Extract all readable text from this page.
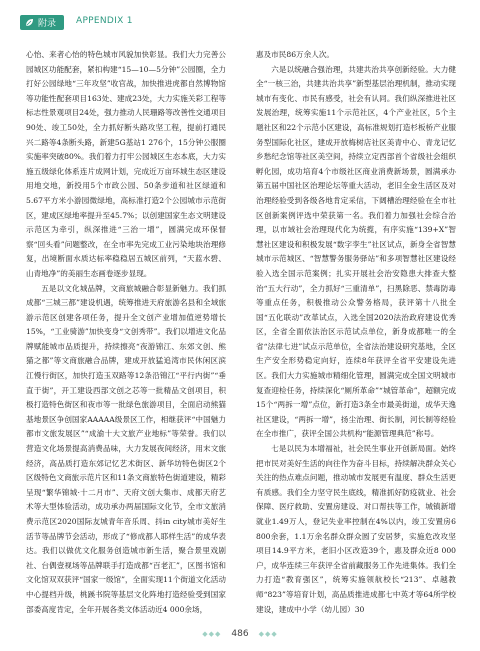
附录 APPENDIX 1

心怡、来者心怡的特色城市风貌加快彰显。我们大力完善公园城区功能配套，紧扣构建“15—10—5分钟”公园圈，全力打好公园绿地“三年攻坚”收官战，加快推进虎都自然博物馆等功能性配套项目163处、建成23处，大力实施关彩工程等标志性景观项目24处，强力推动人民珊路等改善性交通项目90处、竣工50处，全力抓好断头路攻坚工程，提前打通民兴二路等4条断头路，新建5G基站1 276个，15分钟公服圈实施率突破80%。我们着力打牢公园城区生态本底，大力实施五级绿化体系连片成网计划，完成近万亩环城生态区建设用地交地，新投用5个市政公园、50条步道和社区绿道和5.67平方米小游园微绿地，高标准打造2个公园城市示范街区，建成区绿地率提升至45.7%；以创建国家生态文明建设示范区为牵引，纵深推进“三治一增”，圆满完成环保督察“回头看”问题整改，在全市率先完成工业污染地块治理修复，出境断面水质达标率稳稳居五城区前列，“天蓝水碧、山青地净”的美丽生态画卷逐步显现。

五是以文化城品牌，文商旅城融合彰显新魅力。我们抓成都“三城三都”建设机遇，统筹推进天府旅游名县和全域旅游示范区创建各项任务，提升全文创产业增加值逆势增长15%，“工业骑游”加快变身“文创秀带”。我们以增进文化品牌赋能城市品质提升，持续擦亮“夜游锦江、东郊文创、熊猫之都”等文商旅融合品牌，建成开放猛追湾市民休闲区滨江慢行街区，加快打造玉双路等12条沿锦江“平行内街”“垂直于街”，开工建设西部文创之芯等一批精品文创项目，积极打造特色街区和夜市等一批绿色旅游项目，全面启动熊猫基地景区争创国家AAAAA级景区工作，相继获评“中国魅力都市文旅发展区”“成渝十大文旅产业地标”等荣誉。我们以营造文化场景提高消费品味，大力发展夜间经济，用末文旅经济，高品质打造东郊记忆艺术街区、新华坊特色街区2个区级特色文商旅示范片区和11条文商旅特色街道建设，精彩呈现“繁华锦城·十二月市”、天府文创大集市、成都天府艺术等大型体验活动，成功承办两届国际文化节，全市文旅消费示范区2020国际友城青年音乐周、抖in city城市美好生活节等品牌节会活动，形成了“修成都人耶样生活”的成华表达。我们以做优文化服务创造城市新生活，聚合景里戏剧社、台偶壹视场等品牌联手打造成都“百老汇”，区图书馆和文化馆双双获评“国家一级馆”，全面实现11个街道文化活动中心提档升级，桃蹊书院等基层文化阵地打造经验受到国家部委高度肯定，全年开展各类文体活动近4 000余场，

惠及市民86万余人次。

六是以统融合强治理，共建共治共享创新经验。大力健全“一核三治，共建共治共享”新型基层治理机制，推动实现城市有变化、市民有感受，社会有认同。我们纵深推进社区发展治理，统筹实施11个示范社区，4个产业社区，5个主题社区和22个示范小区建设，高标准规划打造杉板桥产业服务型国际化社区，建成开放梅树店社区美青中心、青龙记忆乡愁纪念馆等社区美空间，持续立定西部首个省级社会组织孵化园，成功培育4个市级社区商业消费新场景，圆满承办第五届中国社区治理论坛等重大活动，老旧全金生活区及对治理经验受到各级各地肯定采信，下阔槽治理经验在全市社区创新案例评选中荣获第一名。我们着力加强社会综合治理，以市域社会治理现代化为统揽，有序实施“139+X”智慧社区建设和积极发展“数字孪生”社区试点，新身全省智慧城市示范城区、“智慧警务服务驿站”和多项智慧社区建设经验入选全国示范案例；扎实开展社会治安隐患大排查大整治“五大行动”，全力抓好“三重清单”，扫黑除恶、禁毒防毒等重点任务，积极推动公众警务格局，获评第十八批全国“五化联动”改革试点，入选全国2020法治政府建设优秀区，全省全面依法治区示范试点单位，新身成都唯一的全省“法律七进”试点示范单位，全省法治建设研究基地，全区生产安全形势稳定向好，连续8年获评全省平安建设先进区。我们大力实施城市精细化管理，圆满完成全国文明城市复查迎检任务，持续深化“厕所革命”“城管革命”，超额完成15个“两拆一增”点位，新打造3条全市最美街道，成华天逸社区建设，“两拆一增”，扬尘治理、街长制，河长制等经验在全市推广，获评全国公共机构“能源管理典范”称号。

七是以民为本增福祉，社会民生事业开创新局面。始终把市民对美好生活的向往作为奋斗目标，持续解决群众关心关注的热点难点问题，推动城市发展更有温度、群众生活更有质感。我们全力坚守民生底线，精准抓好防疫就业、社会保障、医疗救助、安置房建设、对口帮扶等工作，城镇新增就业1.49万人，登记失业率控制在4%以内，竣工安置房6 800余套，1.1万余名群众群众圆了安居梦，实施危改攻坚项目14.9平方米，老旧小区改造39个，惠及群众近8 000户，成华连续三年获评全省前藏服务工作先进集体。我们全力打造“教育强区”，统筹实施领航校长“213”、卓越教师“823”等培育计划，高品质推进成都七中英才等64所学校建设，建成中小学（幼儿园）30

◆◆◆ 486 ◆◆◆
